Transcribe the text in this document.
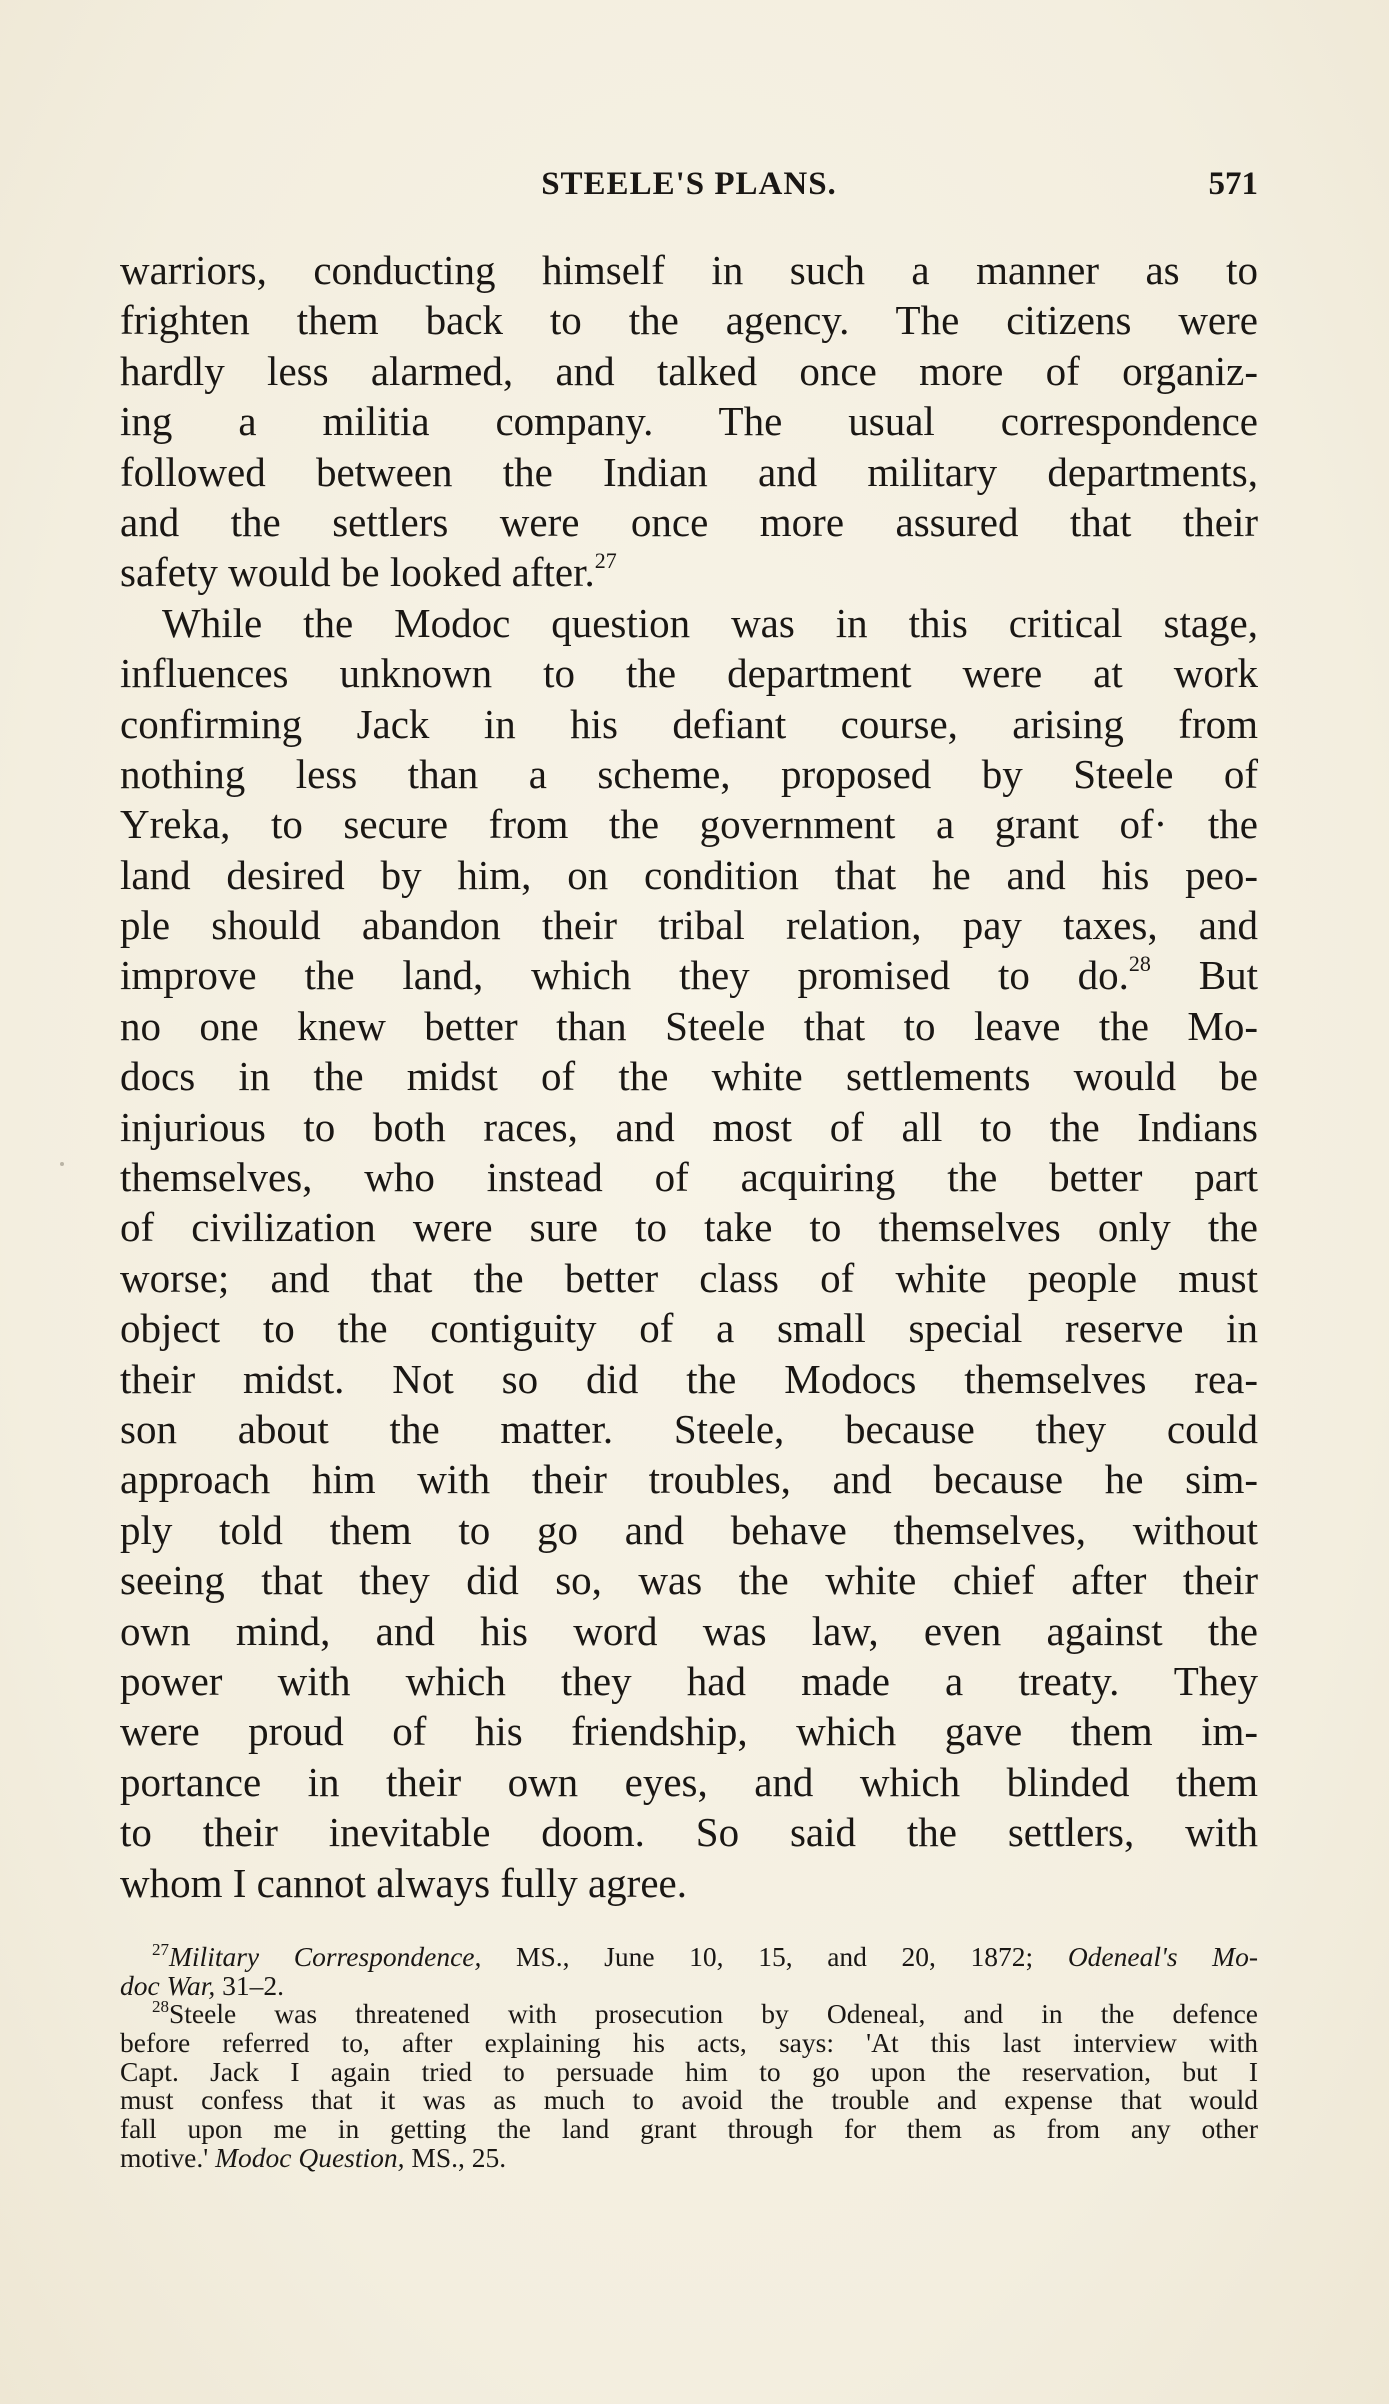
STEELE'S PLANS.	571
warriors, conducting himself in such a manner as to
frighten them back to the agency. The citizens were
hardly less alarmed, and talked once more of organiz-
ing a militia company. The usual correspondence
followed between the Indian and military departments,
and the settlers were once more assured that their
safety would be looked after.$^{27}$
While the Modoc question was in this critical stage,
influences unknown to the department were at work
confirming Jack in his defiant course, arising from
nothing less than a scheme, proposed by Steele of
Yreka, to secure from the government a grant of· the
land desired by him, on condition that he and his peo-
ple should abandon their tribal relation, pay taxes, and
improve the land, which they promised to do.$^{28}$ But
no one knew better than Steele that to leave the Mo-
docs in the midst of the white settlements would be
injurious to both races, and most of all to the Indians
themselves, who instead of acquiring the better part
of civilization were sure to take to themselves only the
worse; and that the better class of white people must
object to the contiguity of a small special reserve in
their midst. Not so did the Modocs themselves rea-
son about the matter. Steele, because they could
approach him with their troubles, and because he sim-
ply told them to go and behave themselves, without
seeing that they did so, was the white chief after their
own mind, and his word was law, even against the
power with which they had made a treaty. They
were proud of his friendship, which gave them im-
portance in their own eyes, and which blinded them
to their inevitable doom. So said the settlers, with
whom I cannot always fully agree.
$^{27}$Military Correspondence, MS., June 10, 15, and 20, 1872; Odeneal's Mo-
doc War, 31–2.
$^{28}$Steele was threatened with prosecution by Odeneal, and in the defence
before referred to, after explaining his acts, says: 'At this last interview with
Capt. Jack I again tried to persuade him to go upon the reservation, but I
must confess that it was as much to avoid the trouble and expense that would
fall upon me in getting the land grant through for them as from any other
motive.' Modoc Question, MS., 25.
